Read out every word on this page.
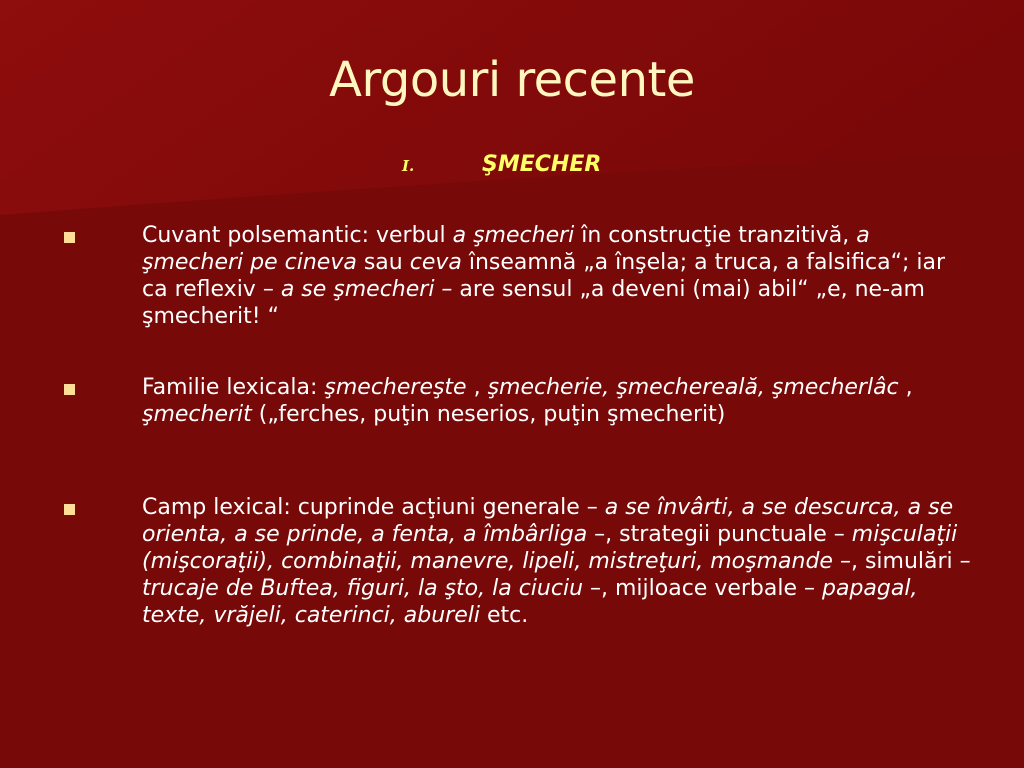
Argouri recente
I.	ŞMECHER
Cuvant polsemantic: verbul a şmecheri în construcţie tranzitivă, a şmecheri pe cineva sau ceva înseamnă „a înşela; a truca, a falsifica“; iar ca reflexiv – a se şmecheri – are sensul „a deveni (mai) abil“ „e, ne-am şmecherit! “
Familie lexicala: şmechereşte , şmecherie, şmechereală, şmecherlâc , şmecherit („ferches, puţin neserios, puţin şmecherit)
Camp lexical: cuprinde acţiuni generale – a se învârti, a se descurca, a se orienta, a se prinde, a fenta, a îmbârliga –, strategii punctuale – mişculaţii (mişcoraţii), combinaţii, manevre, lipeli, mistreţuri, moşmande –, simulări – trucaje de Buftea, figuri, la şto, la ciuciu –, mijloace verbale – papagal, texte, vrăjeli, caterinci, abureli etc.
